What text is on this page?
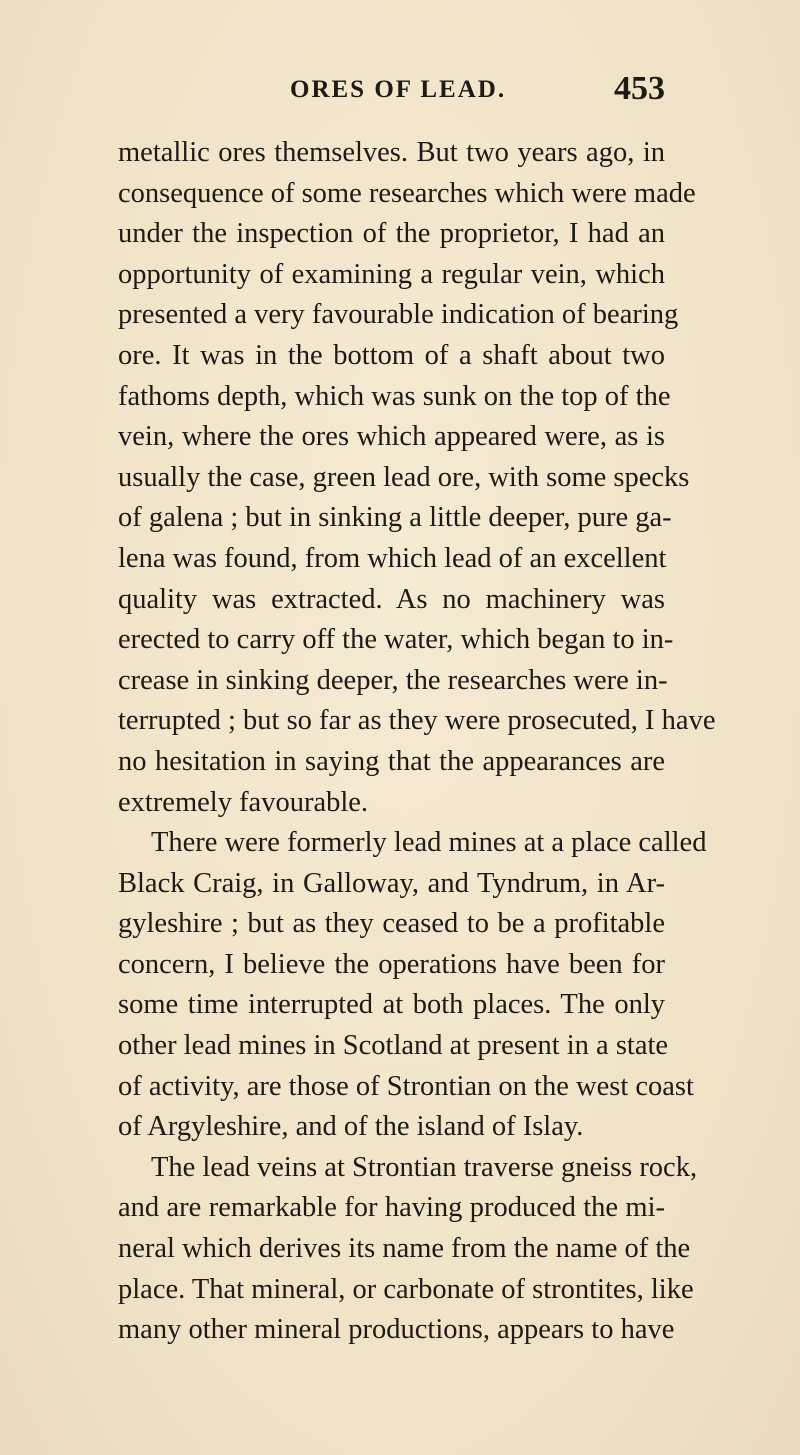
ORES OF LEAD.	453
metallic ores themselves. But two years ago, in
consequence of some researches which were made
under the inspection of the proprietor, I had an
opportunity of examining a regular vein, which
presented a very favourable indication of bearing
ore. It was in the bottom of a shaft about two
fathoms depth, which was sunk on the top of the
vein, where the ores which appeared were, as is
usually the case, green lead ore, with some specks
of galena ; but in sinking a little deeper, pure ga-
lena was found, from which lead of an excellent
quality was extracted. As no machinery was
erected to carry off the water, which began to in-
crease in sinking deeper, the researches were in-
terrupted ; but so far as they were prosecuted, I have
no hesitation in saying that the appearances are
extremely favourable.
There were formerly lead mines at a place called
Black Craig, in Galloway, and Tyndrum, in Ar-
gyleshire ; but as they ceased to be a profitable
concern, I believe the operations have been for
some time interrupted at both places. The only
other lead mines in Scotland at present in a state
of activity, are those of Strontian on the west coast
of Argyleshire, and of the island of Islay.
The lead veins at Strontian traverse gneiss rock,
and are remarkable for having produced the mi-
neral which derives its name from the name of the
place. That mineral, or carbonate of strontites, like
many other mineral productions, appears to have
